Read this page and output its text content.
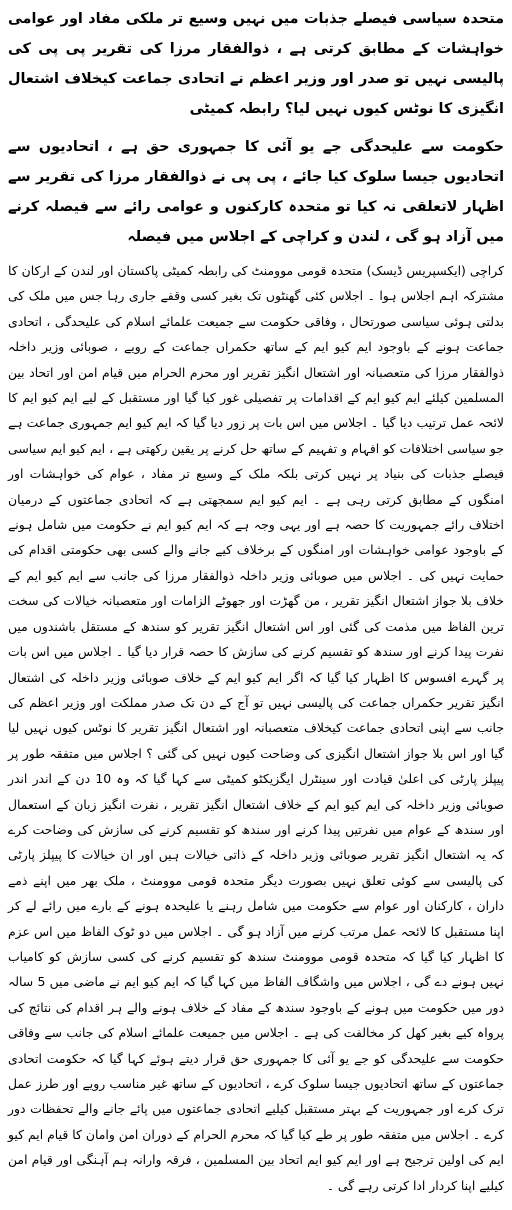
متحدہ سیاسی فیصلے جذبات میں نہیں وسیع تر ملکی مفاد اور عوامی خواہشات کے مطابق کرتی ہے ، ذوالفقار مرزا کی تقریر پی پی کی پالیسی نہیں تو صدر اور وزیر اعظم نے اتحادی جماعت کیخلاف اشتعال انگیزی کا نوٹس کیوں نہیں لیا؟ رابطہ کمیٹی

حکومت سے علیحدگی جے یو آئی کا جمہوری حق ہے ، اتحادیوں سے اتحادیوں جیسا سلوک کیا جائے ، پی پی نے ذوالفقار مرزا کی تقریر سے اظہار لاتعلقی نہ کیا تو متحدہ کارکنوں و عوامی رائے سے فیصلہ کرنے میں آزاد ہو گی ، لندن و کراچی کے اجلاس میں فیصلہ

کراچی (ایکسپریس ڈیسک) متحدہ قومی موومنٹ کی رابطہ کمیٹی پاکستان اور لندن کے ارکان کا مشترکہ اہم اجلاس ہوا ۔ اجلاس کئی گھنٹوں تک بغیر کسی وقفے جاری رہا جس میں ملک کی بدلتی ہوئی سیاسی صورتحال ، وفاقی حکومت سے جمیعت علمائے اسلام کی علیحدگی ، اتحادی جماعت ہونے کے باوجود ایم کیو ایم کے ساتھ حکمراں جماعت کے رویے ، صوبائی وزیر داخلہ ذوالفقار مرزا کی متعصبانہ اور اشتعال انگیز تقریر اور محرم الحرام میں قیام امن اور اتحاد بین المسلمین کیلئے ایم کیو ایم کے اقدامات پر تفصیلی غور کیا گیا اور مستقبل کے لیے ایم کیو ایم کا لائحہ عمل ترتیب دیا گیا ۔ اجلاس میں اس بات پر زور دیا گیا کہ ایم کیو ایم جمہوری جماعت ہے جو سیاسی اختلافات کو افہام و تفہیم کے ساتھ حل کرنے پر یقین رکھتی ہے ، ایم کیو ایم سیاسی فیصلے جذبات کی بنیاد پر نہیں کرتی بلکہ ملک کے وسیع تر مفاد ، عوام کی خواہشات اور امنگوں کے مطابق کرتی رہی ہے ۔ ایم کیو ایم سمجھتی ہے کہ اتحادی جماعتوں کے درمیان اختلاف رائے جمہوریت کا حصہ ہے اور یہی وجہ ہے کہ ایم کیو ایم نے حکومت میں شامل ہونے کے باوجود عوامی خواہشات اور امنگوں کے برخلاف کیے جانے والے کسی بھی حکومتی اقدام کی حمایت نہیں کی ۔ اجلاس میں صوبائی وزیر داخلہ ذوالفقار مرزا کی جانب سے ایم کیو ایم کے خلاف بلا جواز اشتعال انگیز تقریر ، من گھڑت اور جھوٹے الزامات اور متعصبانہ خیالات کی سخت ترین الفاظ میں مذمت کی گئی اور اس اشتعال انگیز تقریر کو سندھ کے مستقل باشندوں میں نفرت پیدا کرنے اور سندھ کو تقسیم کرنے کی سازش کا حصہ قرار دیا گیا ۔ اجلاس میں اس بات پر گہرے افسوس کا اظہار کیا گیا کہ اگر ایم کیو ایم کے خلاف صوبائی وزیر داخلہ کی اشتعال انگیز تقریر حکمراں جماعت کی پالیسی نہیں تو آج کے دن تک صدر مملکت اور وزیر اعظم کی جانب سے اپنی اتحادی جماعت کیخلاف متعصبانہ اور اشتعال انگیز تقریر کا نوٹس کیوں نہیں لیا گیا اور اس بلا جواز اشتعال انگیزی کی وضاحت کیوں نہیں کی گئی ؟ اجلاس میں متفقہ طور پر پیپلز پارٹی کی اعلیٰ قیادت اور سینٹرل ایگزیکٹو کمیٹی سے کہا گیا کہ وہ 10 دن کے اندر اندر صوبائی وزیر داخلہ کی ایم کیو ایم کے خلاف اشتعال انگیز تقریر ، نفرت انگیز زبان کے استعمال اور سندھ کے عوام میں نفرتیں پیدا کرنے اور سندھ کو تقسیم کرنے کی سازش کی وضاحت کرے کہ یہ اشتعال انگیز تقریر صوبائی وزیر داخلہ کے ذاتی خیالات ہیں اور ان خیالات کا پیپلز پارٹی کی پالیسی سے کوئی تعلق نہیں بصورت دیگر متحدہ قومی موومنٹ ، ملک بھر میں اپنے ذمے داران ، کارکنان اور عوام سے حکومت میں شامل رہنے یا علیحدہ ہونے کے بارے میں رائے لے کر اپنا مستقبل کا لائحہ عمل مرتب کرنے میں آزاد ہو گی ۔ اجلاس میں دو ٹوک الفاظ میں اس عزم کا اظہار کیا گیا کہ متحدہ قومی موومنٹ سندھ کو تقسیم کرنے کی کسی سازش کو کامیاب نہیں ہونے دے گی ، اجلاس میں واشگاف الفاظ میں کہا گیا کہ ایم کیو ایم نے ماضی میں 5 سالہ دور میں حکومت میں ہونے کے باوجود سندھ کے مفاد کے خلاف ہونے والے ہر اقدام کی نتائج کی پرواہ کیے بغیر کھل کر مخالفت کی ہے ۔ اجلاس میں جمیعت علمائے اسلام کی جانب سے وفاقی حکومت سے علیحدگی کو جے یو آئی کا جمہوری حق قرار دیتے ہوئے کہا گیا کہ حکومت اتحادی جماعتوں کے ساتھ اتحادیوں جیسا سلوک کرے ، اتحادیوں کے ساتھ غیر مناسب رویے اور طرز عمل ترک کرے اور جمہوریت کے بہتر مستقبل کیلیے اتحادی جماعتوں میں پائے جانے والے تحفظات دور کرے ۔ اجلاس میں متفقہ طور پر طے کیا گیا کہ محرم الحرام کے دوران امن وامان کا قیام ایم کیو ایم کی اولین ترجیح ہے اور ایم کیو ایم اتحاد بین المسلمین ، فرقہ وارانہ ہم آہنگی اور قیام امن کیلیے اپنا کردار ادا کرتی رہے گی ۔
